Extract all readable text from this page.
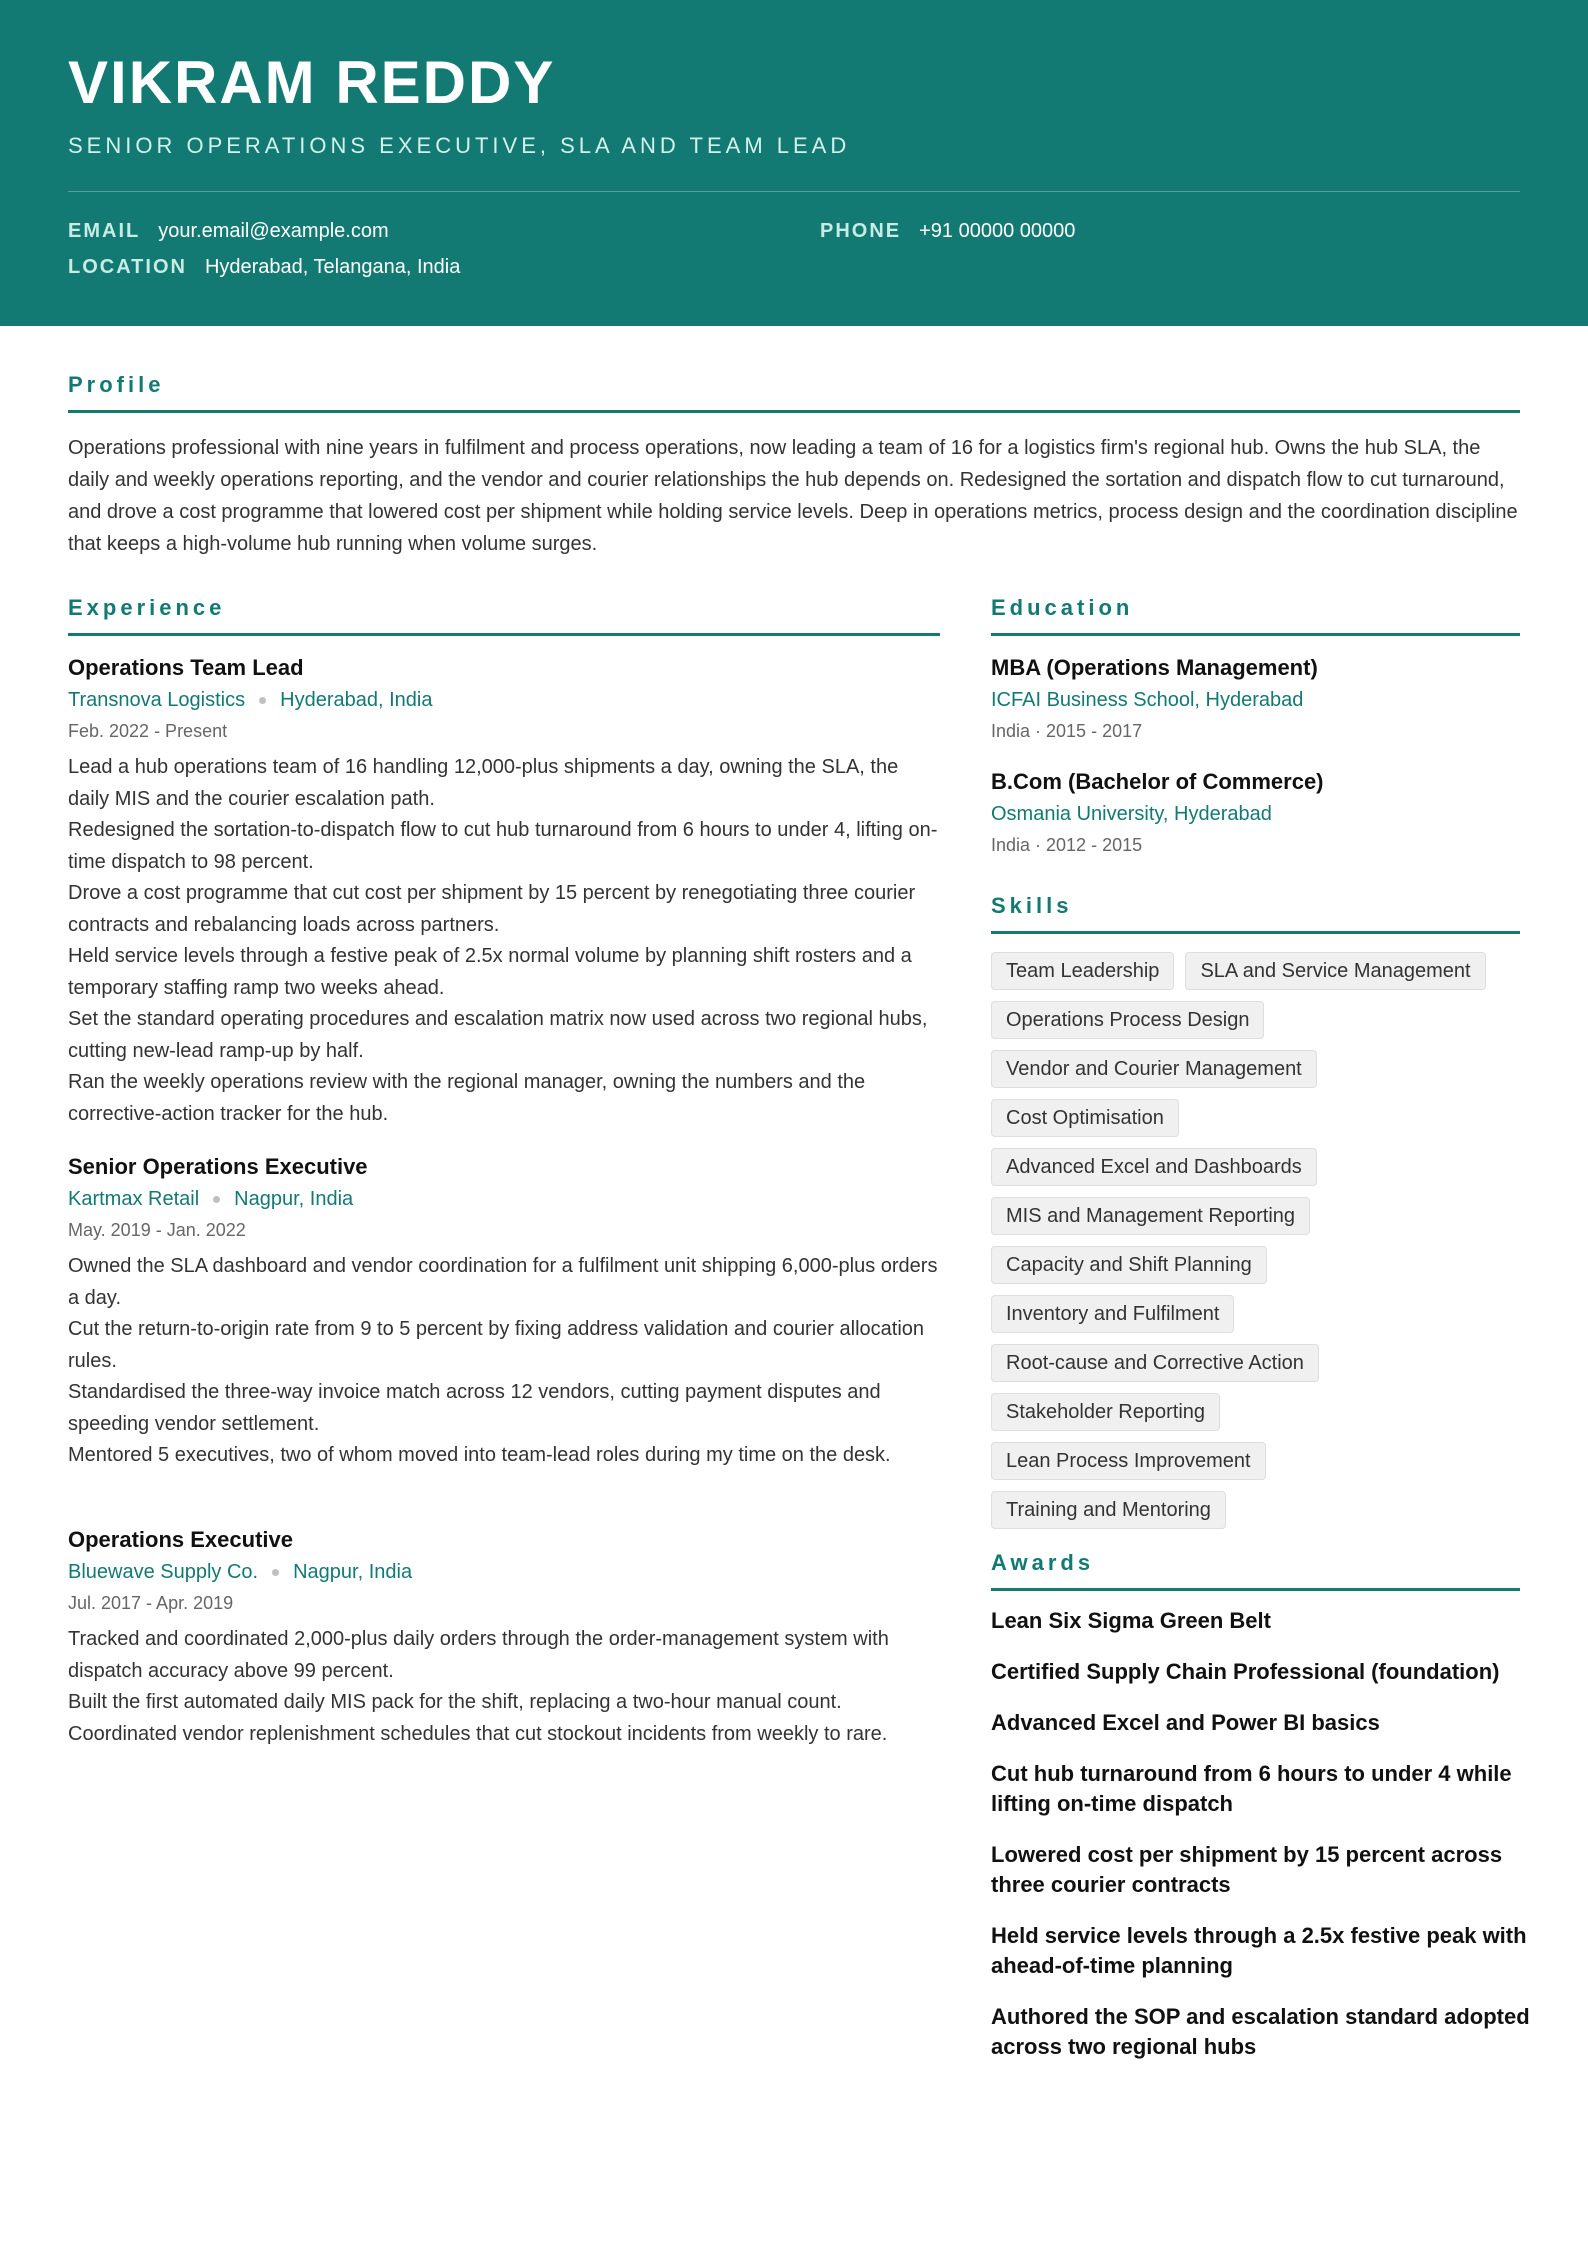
VIKRAM REDDY
SENIOR OPERATIONS EXECUTIVE, SLA AND TEAM LEAD
EMAIL your.email@example.com	PHONE +91 00000 00000
LOCATION Hyderabad, Telangana, India
Profile
Operations professional with nine years in fulfilment and process operations, now leading a team of 16 for a logistics firm's regional hub. Owns the hub SLA, the daily and weekly operations reporting, and the vendor and courier relationships the hub depends on. Redesigned the sortation and dispatch flow to cut turnaround, and drove a cost programme that lowered cost per shipment while holding service levels. Deep in operations metrics, process design and the coordination discipline that keeps a high-volume hub running when volume surges.
Experience
Operations Team Lead
Transnova Logistics Hyderabad, India
Feb. 2022 - Present
Lead a hub operations team of 16 handling 12,000-plus shipments a day, owning the SLA, the daily MIS and the courier escalation path.
Redesigned the sortation-to-dispatch flow to cut hub turnaround from 6 hours to under 4, lifting on-time dispatch to 98 percent.
Drove a cost programme that cut cost per shipment by 15 percent by renegotiating three courier contracts and rebalancing loads across partners.
Held service levels through a festive peak of 2.5x normal volume by planning shift rosters and a temporary staffing ramp two weeks ahead.
Set the standard operating procedures and escalation matrix now used across two regional hubs, cutting new-lead ramp-up by half.
Ran the weekly operations review with the regional manager, owning the numbers and the corrective-action tracker for the hub.
Senior Operations Executive
Kartmax Retail Nagpur, India
May. 2019 - Jan. 2022
Owned the SLA dashboard and vendor coordination for a fulfilment unit shipping 6,000-plus orders a day.
Cut the return-to-origin rate from 9 to 5 percent by fixing address validation and courier allocation rules.
Standardised the three-way invoice match across 12 vendors, cutting payment disputes and speeding vendor settlement.
Mentored 5 executives, two of whom moved into team-lead roles during my time on the desk.
Operations Executive
Bluewave Supply Co. Nagpur, India
Jul. 2017 - Apr. 2019
Tracked and coordinated 2,000-plus daily orders through the order-management system with dispatch accuracy above 99 percent.
Built the first automated daily MIS pack for the shift, replacing a two-hour manual count.
Coordinated vendor replenishment schedules that cut stockout incidents from weekly to rare.
Education
MBA (Operations Management)
ICFAI Business School, Hyderabad
India · 2015 - 2017
B.Com (Bachelor of Commerce)
Osmania University, Hyderabad
India · 2012 - 2015
Skills
Team Leadership	SLA and Service Management
Operations Process Design
Vendor and Courier Management
Cost Optimisation
Advanced Excel and Dashboards
MIS and Management Reporting
Capacity and Shift Planning
Inventory and Fulfilment
Root-cause and Corrective Action
Stakeholder Reporting
Lean Process Improvement
Training and Mentoring
Awards
Lean Six Sigma Green Belt
Certified Supply Chain Professional (foundation)
Advanced Excel and Power BI basics
Cut hub turnaround from 6 hours to under 4 while lifting on-time dispatch
Lowered cost per shipment by 15 percent across three courier contracts
Held service levels through a 2.5x festive peak with ahead-of-time planning
Authored the SOP and escalation standard adopted across two regional hubs
